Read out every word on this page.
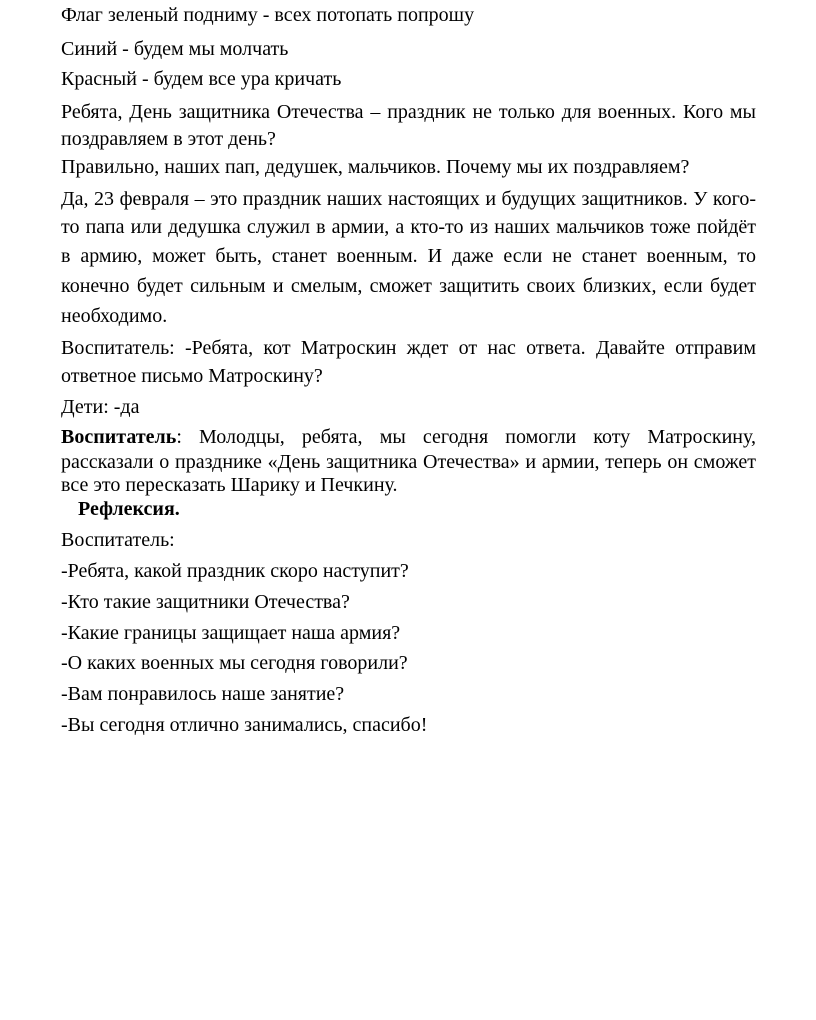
Флаг зеленый подниму - всех потопать попрошу
Синий - будем мы молчать
Красный - будем все ура кричать
Ребята, День защитника Отечества – праздник не только для военных. Кого мы
поздравляем в этот день?
Правильно, наших пап, дедушек, мальчиков. Почему мы их поздравляем?
Да, 23 февраля – это праздник наших настоящих и будущих защитников. У кого-
то папа или дедушка служил в армии, а кто-то из наших мальчиков тоже пойдёт
в армию, может быть, станет военным. И даже если не станет военным, то
конечно будет сильным и смелым, сможет защитить своих близких, если будет
необходимо.
Воспитатель: -Ребята, кот Матроскин ждет от нас ответа. Давайте отправим
ответное письмо Матроскину?
Дети: -да
Воспитатель: Молодцы, ребята, мы сегодня помогли коту Матроскину,
рассказали о празднике «День защитника Отечества» и армии, теперь он сможет
все это пересказать Шарику и Печкину.
Рефлексия.
Воспитатель:
-Ребята, какой праздник скоро наступит?
-Кто такие защитники Отечества?
-Какие границы защищает наша армия?
-О каких военных мы сегодня говорили?
-Вам понравилось наше занятие?
-Вы сегодня отлично занимались, спасибо!
